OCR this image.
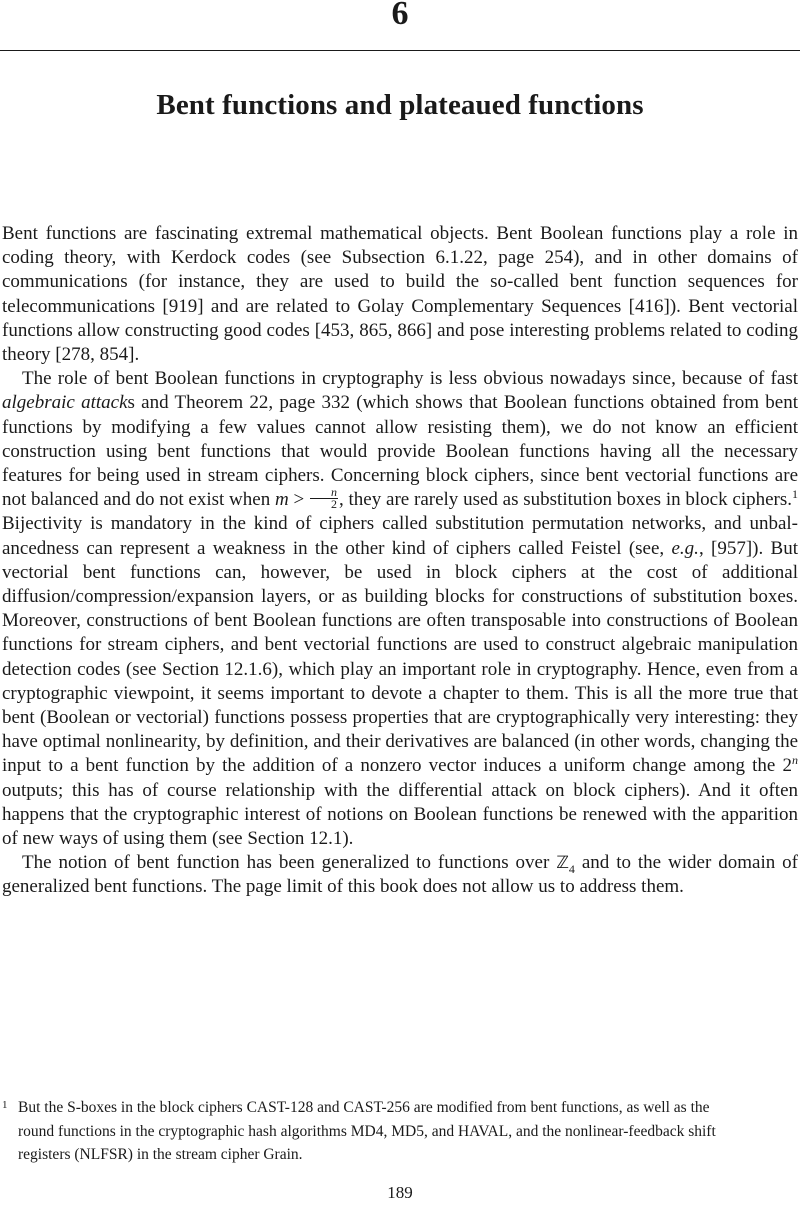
6
Bent functions and plateaued functions

Bent functions are fascinating extremal mathematical objects. Bent Boolean functions play a role in coding theory, with Kerdock codes (see Subsection 6.1.22, page 254), and in other domains of communications (for instance, they are used to build the so-called bent function sequences for telecommunications [919] and are related to Golay Complementary Sequences [416]). Bent vectorial functions allow constructing good codes [453, 865, 866] and pose interesting problems related to coding theory [278, 854].

The role of bent Boolean functions in cryptography is less obvious nowadays since, because of fast algebraic attacks and Theorem 22, page 332 (which shows that Boolean functions obtained from bent functions by modifying a few values cannot allow resisting them), we do not know an efficient construction using bent functions that would provide Boolean functions having all the necessary features for being used in stream ciphers. Concerning block ciphers, since bent vectorial functions are not balanced and do not exist when $m > \frac{n}{2}$ , they are rarely used as substitution boxes in block ciphers.$^1$ Bijectivity is mandatory in the kind of ciphers called substitution permutation networks, and unbalancedness can represent a weakness in the other kind of ciphers called Feistel (see, e.g., [957]). But vectorial bent functions can, however, be used in block ciphers at the cost of additional diffusion/compression/expansion layers, or as building blocks for constructions of substitution boxes. Moreover, constructions of bent Boolean functions are often transposable into constructions of Boolean functions for stream ciphers, and bent vectorial functions are used to construct algebraic manipulation detection codes (see Section 12.1.6), which play an important role in cryptography. Hence, even from a cryptographic viewpoint, it seems important to devote a chapter to them. This is all the more true that bent (Boolean or vectorial) functions possess properties that are cryptographically very interesting: they have optimal nonlinearity, by definition, and their derivatives are balanced (in other words, changing the input to a bent function by the addition of a nonzero vector induces a uniform change among the 2$^n$ outputs; this has of course relationship with the differential attack on block ciphers). And it often happens that the cryptographic interest of notions on Boolean functions be renewed with the apparition of new ways of using them (see Section 12.1).

The notion of bent function has been generalized to functions over ℤ$_4$ and to the wider domain of generalized bent functions. The page limit of this book does not allow us to address them.

1 But the S-boxes in the block ciphers CAST-128 and CAST-256 are modified from bent functions, as well as the round functions in the cryptographic hash algorithms MD4, MD5, and HAVAL, and the nonlinear-feedback shift registers (NLFSR) in the stream cipher Grain.
189
